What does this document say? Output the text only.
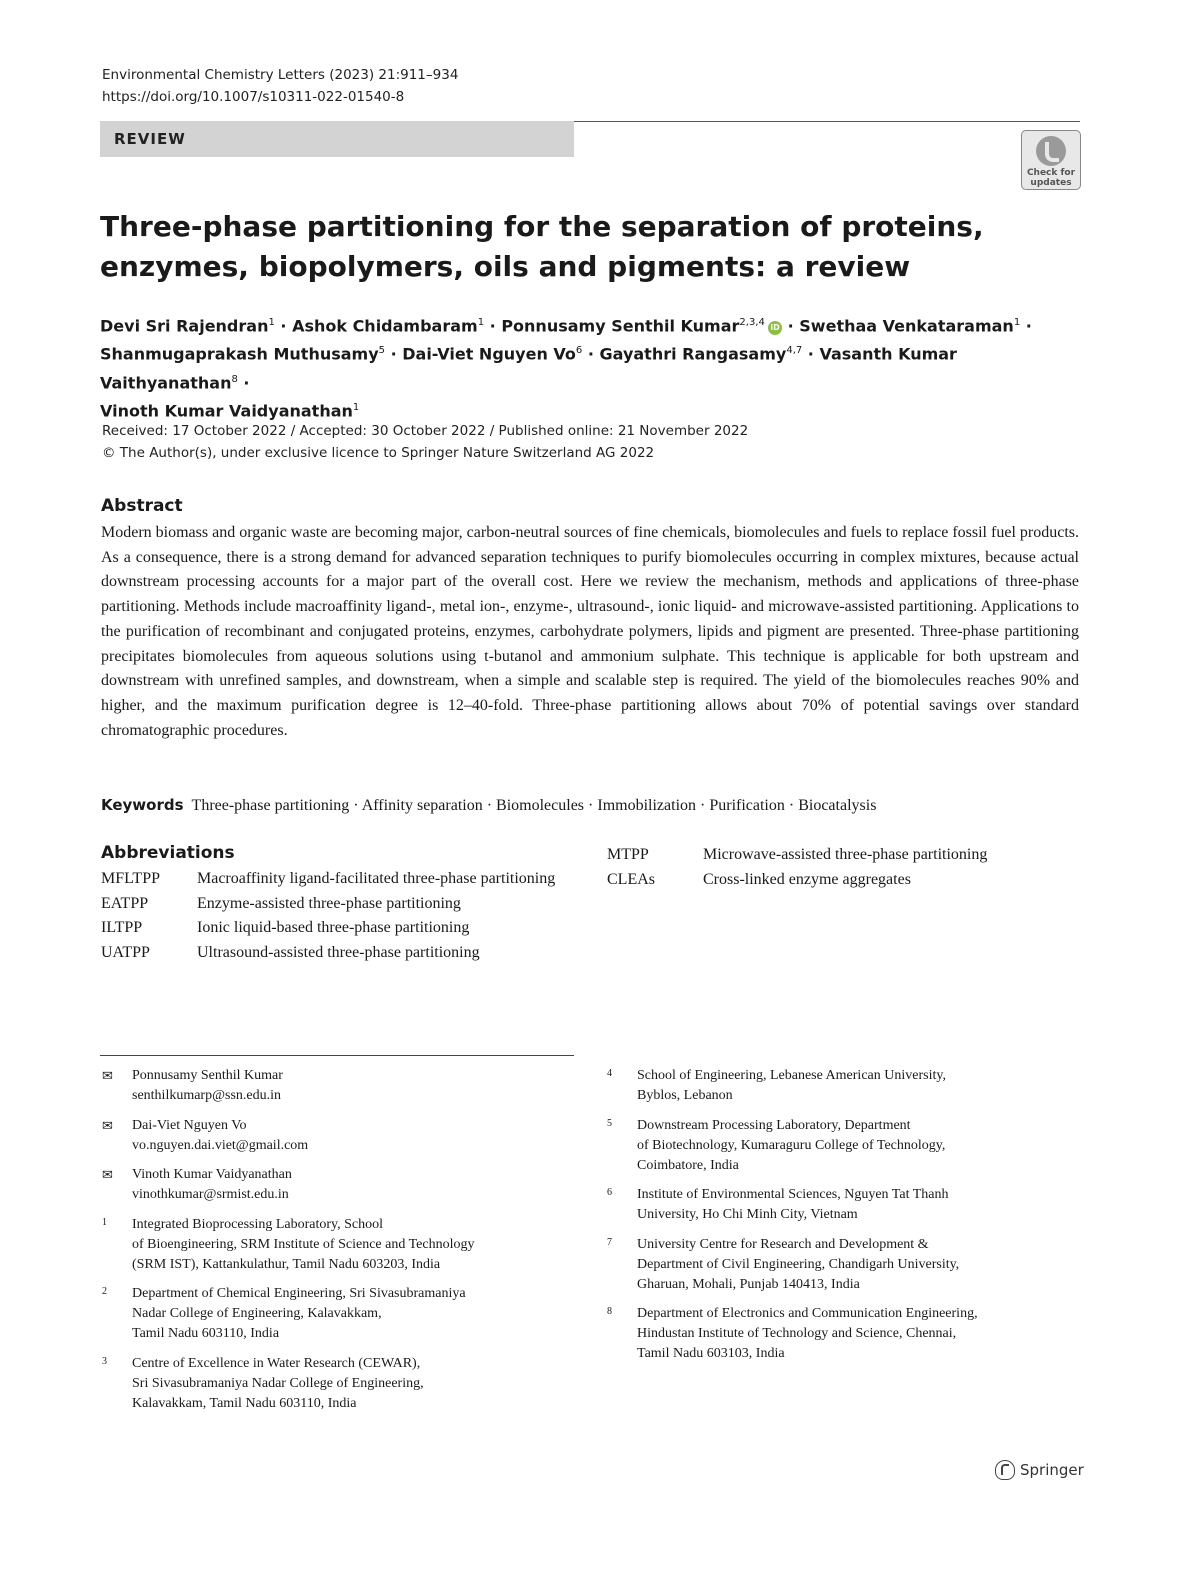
Environmental Chemistry Letters (2023) 21:911–934
https://doi.org/10.1007/s10311-022-01540-8
REVIEW
Check for updates
Three-phase partitioning for the separation of proteins, enzymes, biopolymers, oils and pigments: a review
Devi Sri Rajendran$^1$ · Ashok Chidambaram$^1$ · Ponnusamy Senthil Kumar$^{2,3,4}$  iD · Swethaa Venkataraman$^1$ ·
Shanmugaprakash Muthusamy$^5$ · Dai-Viet Nguyen $Vo^6$ · Gayathri Rangasamy$^{4,7}$ · Vasanth Kumar Vaithyanathan$^8$ ·
Vinoth Kumar Vaidyanathan$^1$
Received: 17 October 2022 / Accepted: 30 October 2022 / Published online: 21 November 2022
© The Author(s), under exclusive licence to Springer Nature Switzerland AG 2022
Abstract
Modern biomass and organic waste are becoming major, carbon-neutral sources of fine chemicals, biomolecules and fuels to replace fossil fuel products. As a consequence, there is a strong demand for advanced separation techniques to purify biomolecules occurring in complex mixtures, because actual downstream processing accounts for a major part of the overall cost. Here we review the mechanism, methods and applications of three-phase partitioning. Methods include macroaffinity ligand-, metal ion-, enzyme-, ultrasound-, ionic liquid- and microwave-assisted partitioning. Applications to the purification of recombinant and conjugated proteins, enzymes, carbohydrate polymers, lipids and pigment are presented. Three-phase partitioning precipitates biomolecules from aqueous solutions using t-butanol and ammonium sulphate. This technique is applicable for both upstream and downstream with unrefined samples, and downstream, when a simple and scalable step is required. The yield of the biomolecules reaches 90% and higher, and the maximum purification degree is 12–40-fold. Three-phase partitioning allows about 70% of potential savings over standard chromatographic procedures.
Keywords Three-phase partitioning · Affinity separation · Biomolecules · Immobilization · Purification · Biocatalysis
Abbreviations
MFLTPP	Macroaffinity ligand-facilitated three-phase partitioning
EATPP	Enzyme-assisted three-phase partitioning
ILTPP	Ionic liquid-based three-phase partitioning
UATPP	Ultrasound-assisted three-phase partitioning
MTPP	Microwave-assisted three-phase partitioning
CLEAs	Cross-linked enzyme aggregates
✉	Ponnusamy Senthil Kumar
senthilkumarp@ssn.edu.in
✉	Dai-Viet Nguyen Vo
vo.nguyen.dai.viet@gmail.com
✉	Vinoth Kumar Vaidyanathan
vinothkumar@srmist.edu.in
1	Integrated Bioprocessing Laboratory, School
of Bioengineering, SRM Institute of Science and Technology
(SRM IST), Kattankulathur, Tamil Nadu 603203, India
2	Department of Chemical Engineering, Sri Sivasubramaniya
Nadar College of Engineering, Kalavakkam,
Tamil Nadu 603110, India
3	Centre of Excellence in Water Research (CEWAR),
Sri Sivasubramaniya Nadar College of Engineering,
Kalavakkam, Tamil Nadu 603110, India
4	School of Engineering, Lebanese American University,
Byblos, Lebanon
5	Downstream Processing Laboratory, Department
of Biotechnology, Kumaraguru College of Technology,
Coimbatore, India
6	Institute of Environmental Sciences, Nguyen Tat Thanh
University, Ho Chi Minh City, Vietnam
7	University Centre for Research and Development &
Department of Civil Engineering, Chandigarh University,
Gharuan, Mohali, Punjab 140413, India
8	Department of Electronics and Communication Engineering,
Hindustan Institute of Technology and Science, Chennai,
Tamil Nadu 603103, India
Springer
